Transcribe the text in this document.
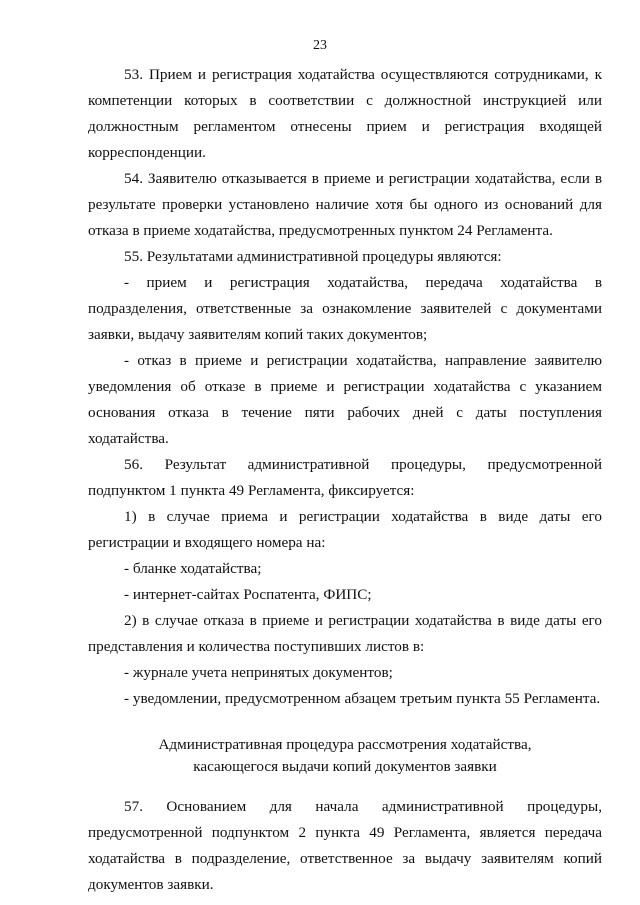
23

53. Прием и регистрация ходатайства осуществляются сотрудниками, к компетенции которых в соответствии с должностной инструкцией или должностным регламентом отнесены прием и регистрация входящей корреспонденции.

54. Заявителю отказывается в приеме и регистрации ходатайства, если в результате проверки установлено наличие хотя бы одного из оснований для отказа в приеме ходатайства, предусмотренных пунктом 24 Регламента.

55. Результатами административной процедуры являются:

- прием и регистрация ходатайства, передача ходатайства в подразделения, ответственные за ознакомление заявителей с документами заявки, выдачу заявителям копий таких документов;

- отказ в приеме и регистрации ходатайства, направление заявителю уведомления об отказе в приеме и регистрации ходатайства с указанием основания отказа в течение пяти рабочих дней с даты поступления ходатайства.

56. Результат административной процедуры, предусмотренной подпунктом 1 пункта 49 Регламента, фиксируется:

1) в случае приема и регистрации ходатайства в виде даты его регистрации и входящего номера на:

- бланке ходатайства;

- интернет-сайтах Роспатента, ФИПС;

2) в случае отказа в приеме и регистрации ходатайства в виде даты его представления и количества поступивших листов в:

- журнале учета непринятых документов;

- уведомлении, предусмотренном абзацем третьим пункта 55 Регламента.

Административная процедура рассмотрения ходатайства,
касающегося выдачи копий документов заявки

57. Основанием для начала административной процедуры, предусмотренной подпунктом 2 пункта 49 Регламента, является передача ходатайства в подразделение, ответственное за выдачу заявителям копий документов заявки.
